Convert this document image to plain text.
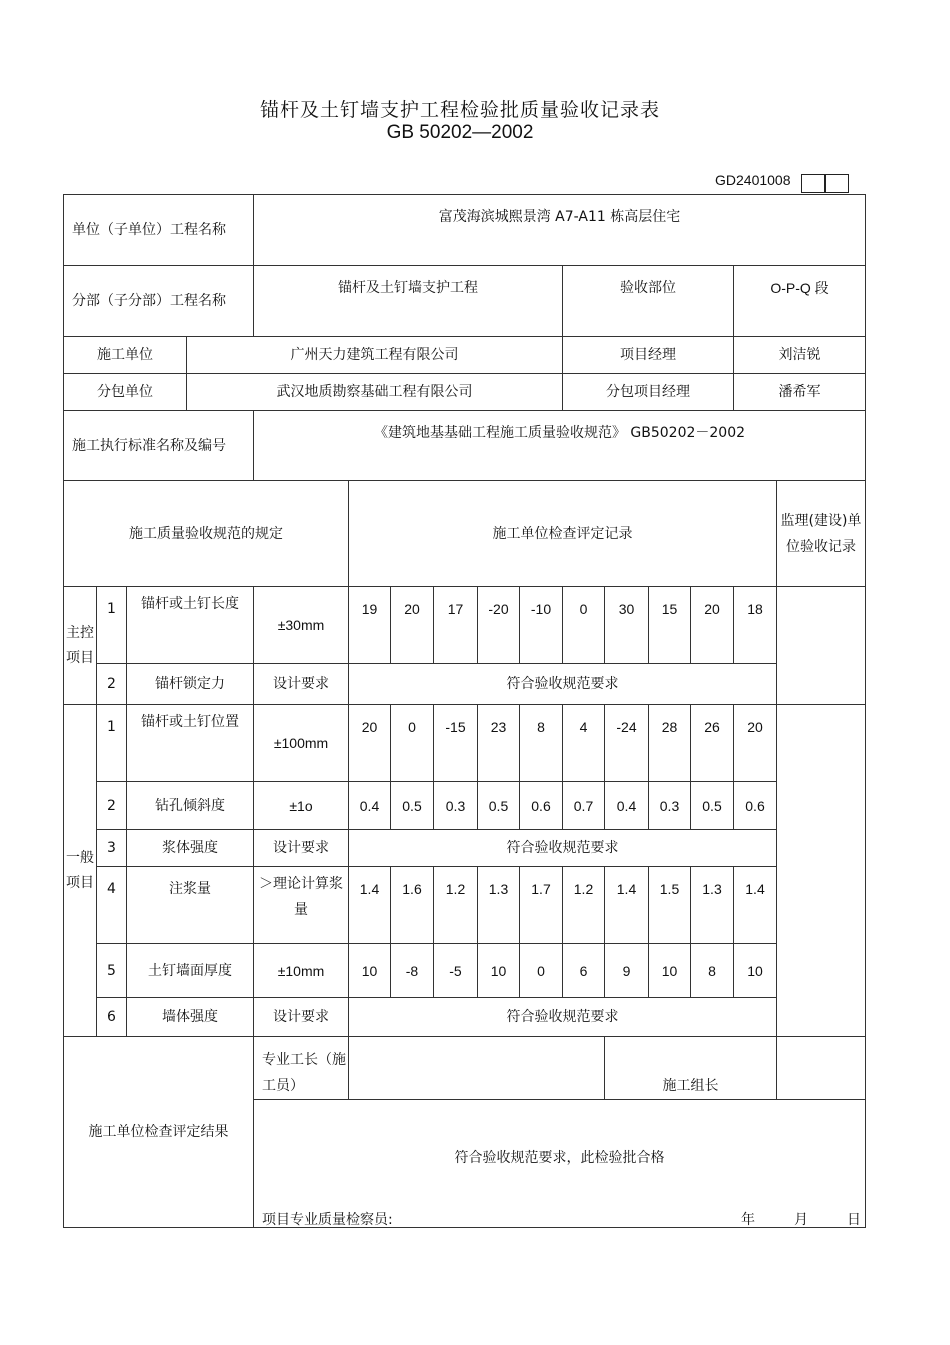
锚杆及土钉墙支护工程检验批质量验收记录表
GB 50202—2002
GD2401008
单位（子单位）工程名称				富茂海滨城熙景湾 A7-A11 栋高层住宅											
分部（子分部）工程名称				锚杆及土钉墙支护工程						验收部位				O-P-Q 段	
施工单位			广州天力建筑工程有限公司							项目经理				刘洁锐	
分包单位			武汉地质勘察基础工程有限公司							分包项目经理				潘希军	
施工执行标准名称及编号				《建筑地基基础工程施工质量验收规范》 GB50202－2002											
施工质量验收规范的规定					施工单位检查评定记录										监理(建设)单位验收记录
主控项目	1	锚杆或土钉长度		±30mm	19	20	17	-20	-10	0	30	15	20	18	
	2	锚杆锁定力		设计要求	符合验收规范要求										
一般项目	1	锚杆或土钉位置		±100mm	20	0	-15	23	8	4	-24	28	26	20	
	2	钻孔倾斜度		±1o	0.4	0.5	0.3	0.5	0.6	0.7	0.4	0.3	0.5	0.6	
	3	浆体强度		设计要求	符合验收规范要求										
	4	注浆量		＞理论计算浆量	1.4	1.6	1.2	1.3	1.7	1.2	1.4	1.5	1.3	1.4	
	5	土钉墙面厚度		±10mm	10	-8	-5	10	0	6	9	10	8	10	
	6	墙体强度		设计要求	符合验收规范要求										
施工单位检查评定结果				专业工长（施工员）							施工组长				

				符合验收规范要求，此检验批合格
项目专业质量检察员: 年 月 日											
